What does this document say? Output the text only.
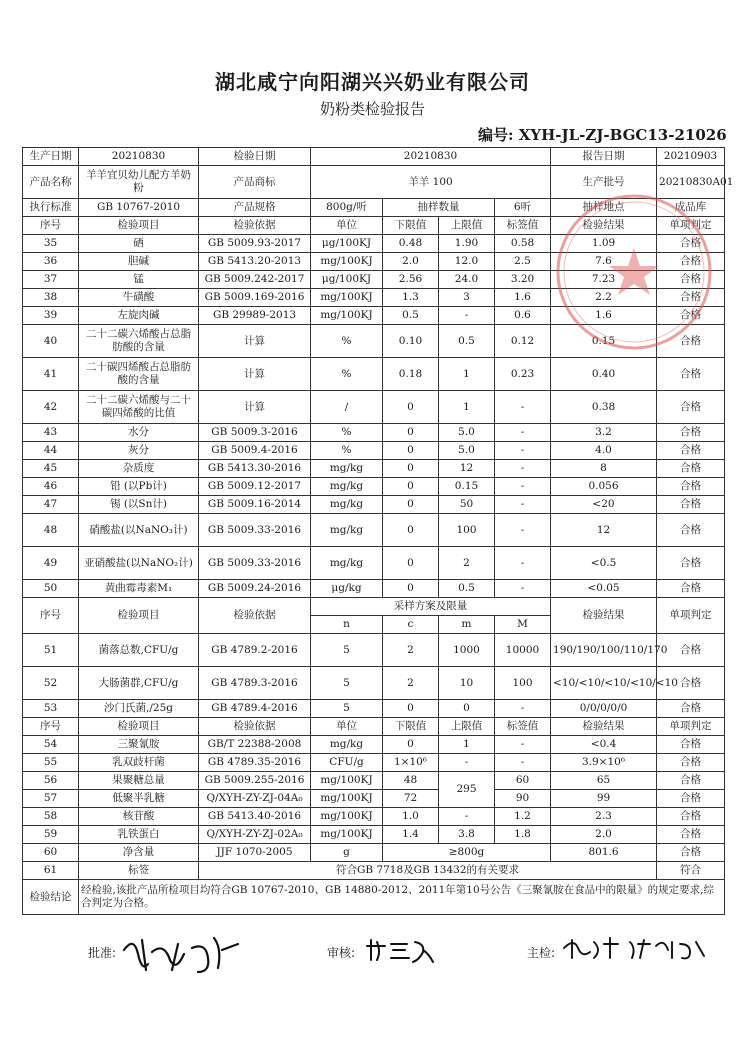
湖北咸宁向阳湖兴兴奶业有限公司
奶粉类检验报告
编号: XYH-JL-ZJ-BGC13-21026
生产日期	20210830	检验日期	20210830				报告日期	20210903
产品名称	羊羊宜贝幼儿配方羊奶粉	产品商标	羊羊 100				生产批号	20210830A01
执行标准	GB 10767-2010	产品规格	800g/听	抽样数量		6听	抽样地点	成品库
序号	检验项目	检验依据	单位	下限值	上限值	标签值	检验结果	单项判定
35	硒	GB 5009.93-2017	μg/100KJ	0.48	1.90	0.58	1.09	合格
36	胆碱	GB 5413.20-2013	mg/100KJ	2.0	12.0	2.5	7.6	合格
37	锰	GB 5009.242-2017	μg/100KJ	2.56	24.0	3.20	7.23	合格
38	牛磺酸	GB 5009.169-2016	mg/100KJ	1.3	3	1.6	2.2	合格
39	左旋肉碱	GB 29989-2013	mg/100KJ	0.5	-	0.6	1.6	合格
40	二十二碳六烯酸占总脂肪酸的含量	计算	%	0.10	0.5	0.12	0.15	合格
41	二十碳四烯酸占总脂肪酸的含量	计算	%	0.18	1	0.23	0.40	合格
42	二十二碳六烯酸与二十碳四烯酸的比值	计算	/	0	1	-	0.38	合格
43	水分	GB 5009.3-2016	%	0	5.0	-	3.2	合格
44	灰分	GB 5009.4-2016	%	0	5.0	-	4.0	合格
45	杂质度	GB 5413.30-2016	mg/kg	0	12	-	8	合格
46	铅 (以Pb计)	GB 5009.12-2017	mg/kg	0	0.15	-	0.056	合格
47	锡 (以Sn计)	GB 5009.16-2014	mg/kg	0	50	-	<20	合格
48	硝酸盐(以NaNO₃计)	GB 5009.33-2016	mg/kg	0	100	-	12	合格
49	亚硝酸盐(以NaNO₂计)	GB 5009.33-2016	mg/kg	0	2	-	<0.5	合格
50	黄曲霉毒素M₁	GB 5009.24-2016	μg/kg	0	0.5	-	<0.05	合格
序号	检验项目	检验依据	采样方案及限量				检验结果	单项判定
			n	c	m	M		
51	菌落总数,CFU/g	GB 4789.2-2016	5	2	1000	10000	190/190/100/110/170	合格
52	大肠菌群,CFU/g	GB 4789.3-2016	5	2	10	100	<10/<10/<10/<10/<10	合格
53	沙门氏菌,/25g	GB 4789.4-2016	5	0	0	-	0/0/0/0/0	合格
序号	检验项目	检验依据	单位	下限值	上限值	标签值	检验结果	单项判定
54	三聚氰胺	GB/T 22388-2008	mg/kg	0	1	-	<0.4	合格
55	乳双歧杆菌	GB 4789.35-2016	CFU/g	1×10⁶	-	-	3.9×10⁶	合格
56	果聚糖总量	GB 5009.255-2016	mg/100KJ	48	295	60	65	合格
57	低聚半乳糖	Q/XYH-ZY-ZJ-04A₀	mg/100KJ	72		90	99	合格
58	核苷酸	GB 5413.40-2016	mg/100KJ	1.0	-	1.2	2.3	合格
59	乳铁蛋白	Q/XYH-ZY-ZJ-02A₀	mg/100KJ	1.4	3.8	1.8	2.0	合格
60	净含量	JJF 1070-2005	g	≥800g			801.6	合格
61	标签	符合GB 7718及GB 13432的有关要求						符合
检验结论	经检验,该批产品所检项目均符合GB 10767-2010、GB 14880-2012、2011年第10号公告《三聚氰胺在食品中的限量》的规定要求,综合判定为合格。							
批准:	审核:	主检:
